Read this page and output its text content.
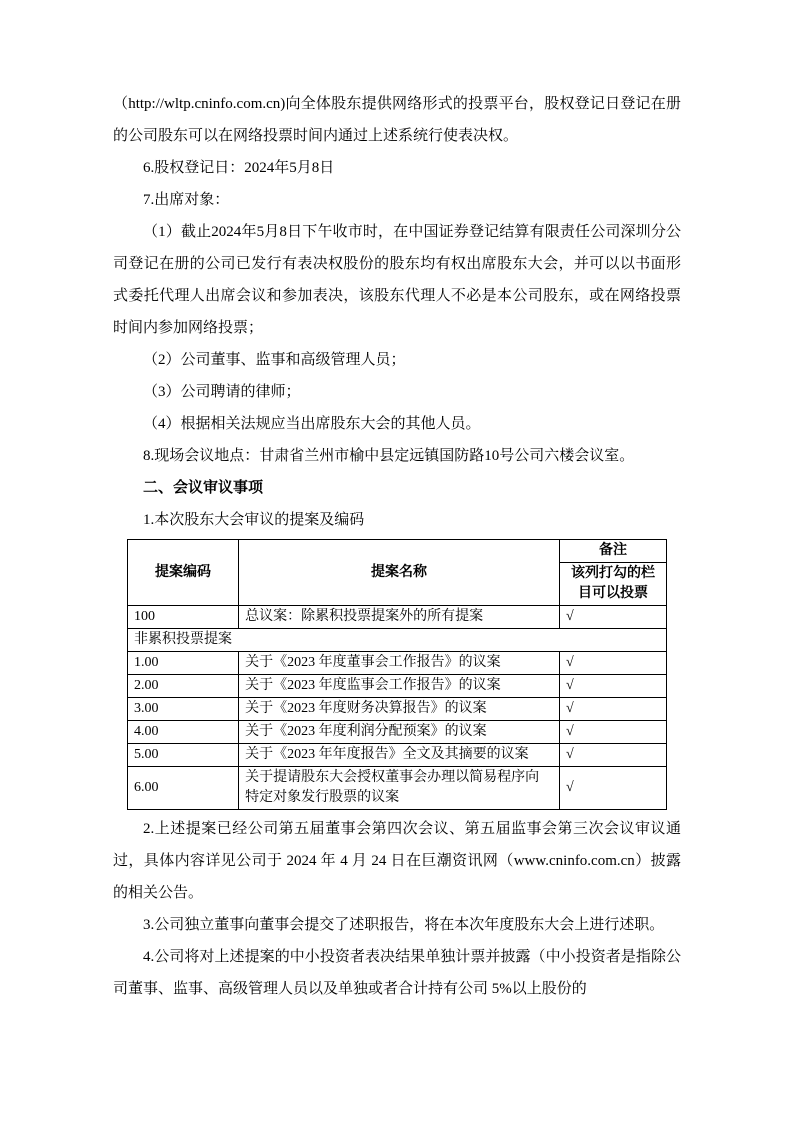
（http://wltp.cninfo.com.cn)向全体股东提供网络形式的投票平台，股权登记日登记在册的公司股东可以在网络投票时间内通过上述系统行使表决权。

6.股权登记日：2024年5月8日

7.出席对象：

（1）截止2024年5月8日下午收市时，在中国证券登记结算有限责任公司深圳分公司登记在册的公司已发行有表决权股份的股东均有权出席股东大会，并可以以书面形式委托代理人出席会议和参加表决，该股东代理人不必是本公司股东，或在网络投票时间内参加网络投票；

（2）公司董事、监事和高级管理人员；

（3）公司聘请的律师；

（4）根据相关法规应当出席股东大会的其他人员。

8.现场会议地点：甘肃省兰州市榆中县定远镇国防路10号公司六楼会议室。

二、会议审议事项

1.本次股东大会审议的提案及编码

提案编码	提案名称	备注
		该列打勾的栏目可以投票
100	总议案：除累积投票提案外的所有提案	√
非累积投票提案		
1.00	关于《2023 年度董事会工作报告》的议案	√
2.00	关于《2023 年度监事会工作报告》的议案	√
3.00	关于《2023 年度财务决算报告》的议案	√
4.00	关于《2023 年度利润分配预案》的议案	√
5.00	关于《2023 年年度报告》全文及其摘要的议案	√
6.00	关于提请股东大会授权董事会办理以简易程序向特定对象发行股票的议案	√

2.上述提案已经公司第五届董事会第四次会议、第五届监事会第三次会议审议通过，具体内容详见公司于 2024 年 4 月 24 日在巨潮资讯网（www.cninfo.com.cn）披露的相关公告。

3.公司独立董事向董事会提交了述职报告，将在本次年度股东大会上进行述职。

4.公司将对上述提案的中小投资者表决结果单独计票并披露（中小投资者是指除公司董事、监事、高级管理人员以及单独或者合计持有公司 5%以上股份的
